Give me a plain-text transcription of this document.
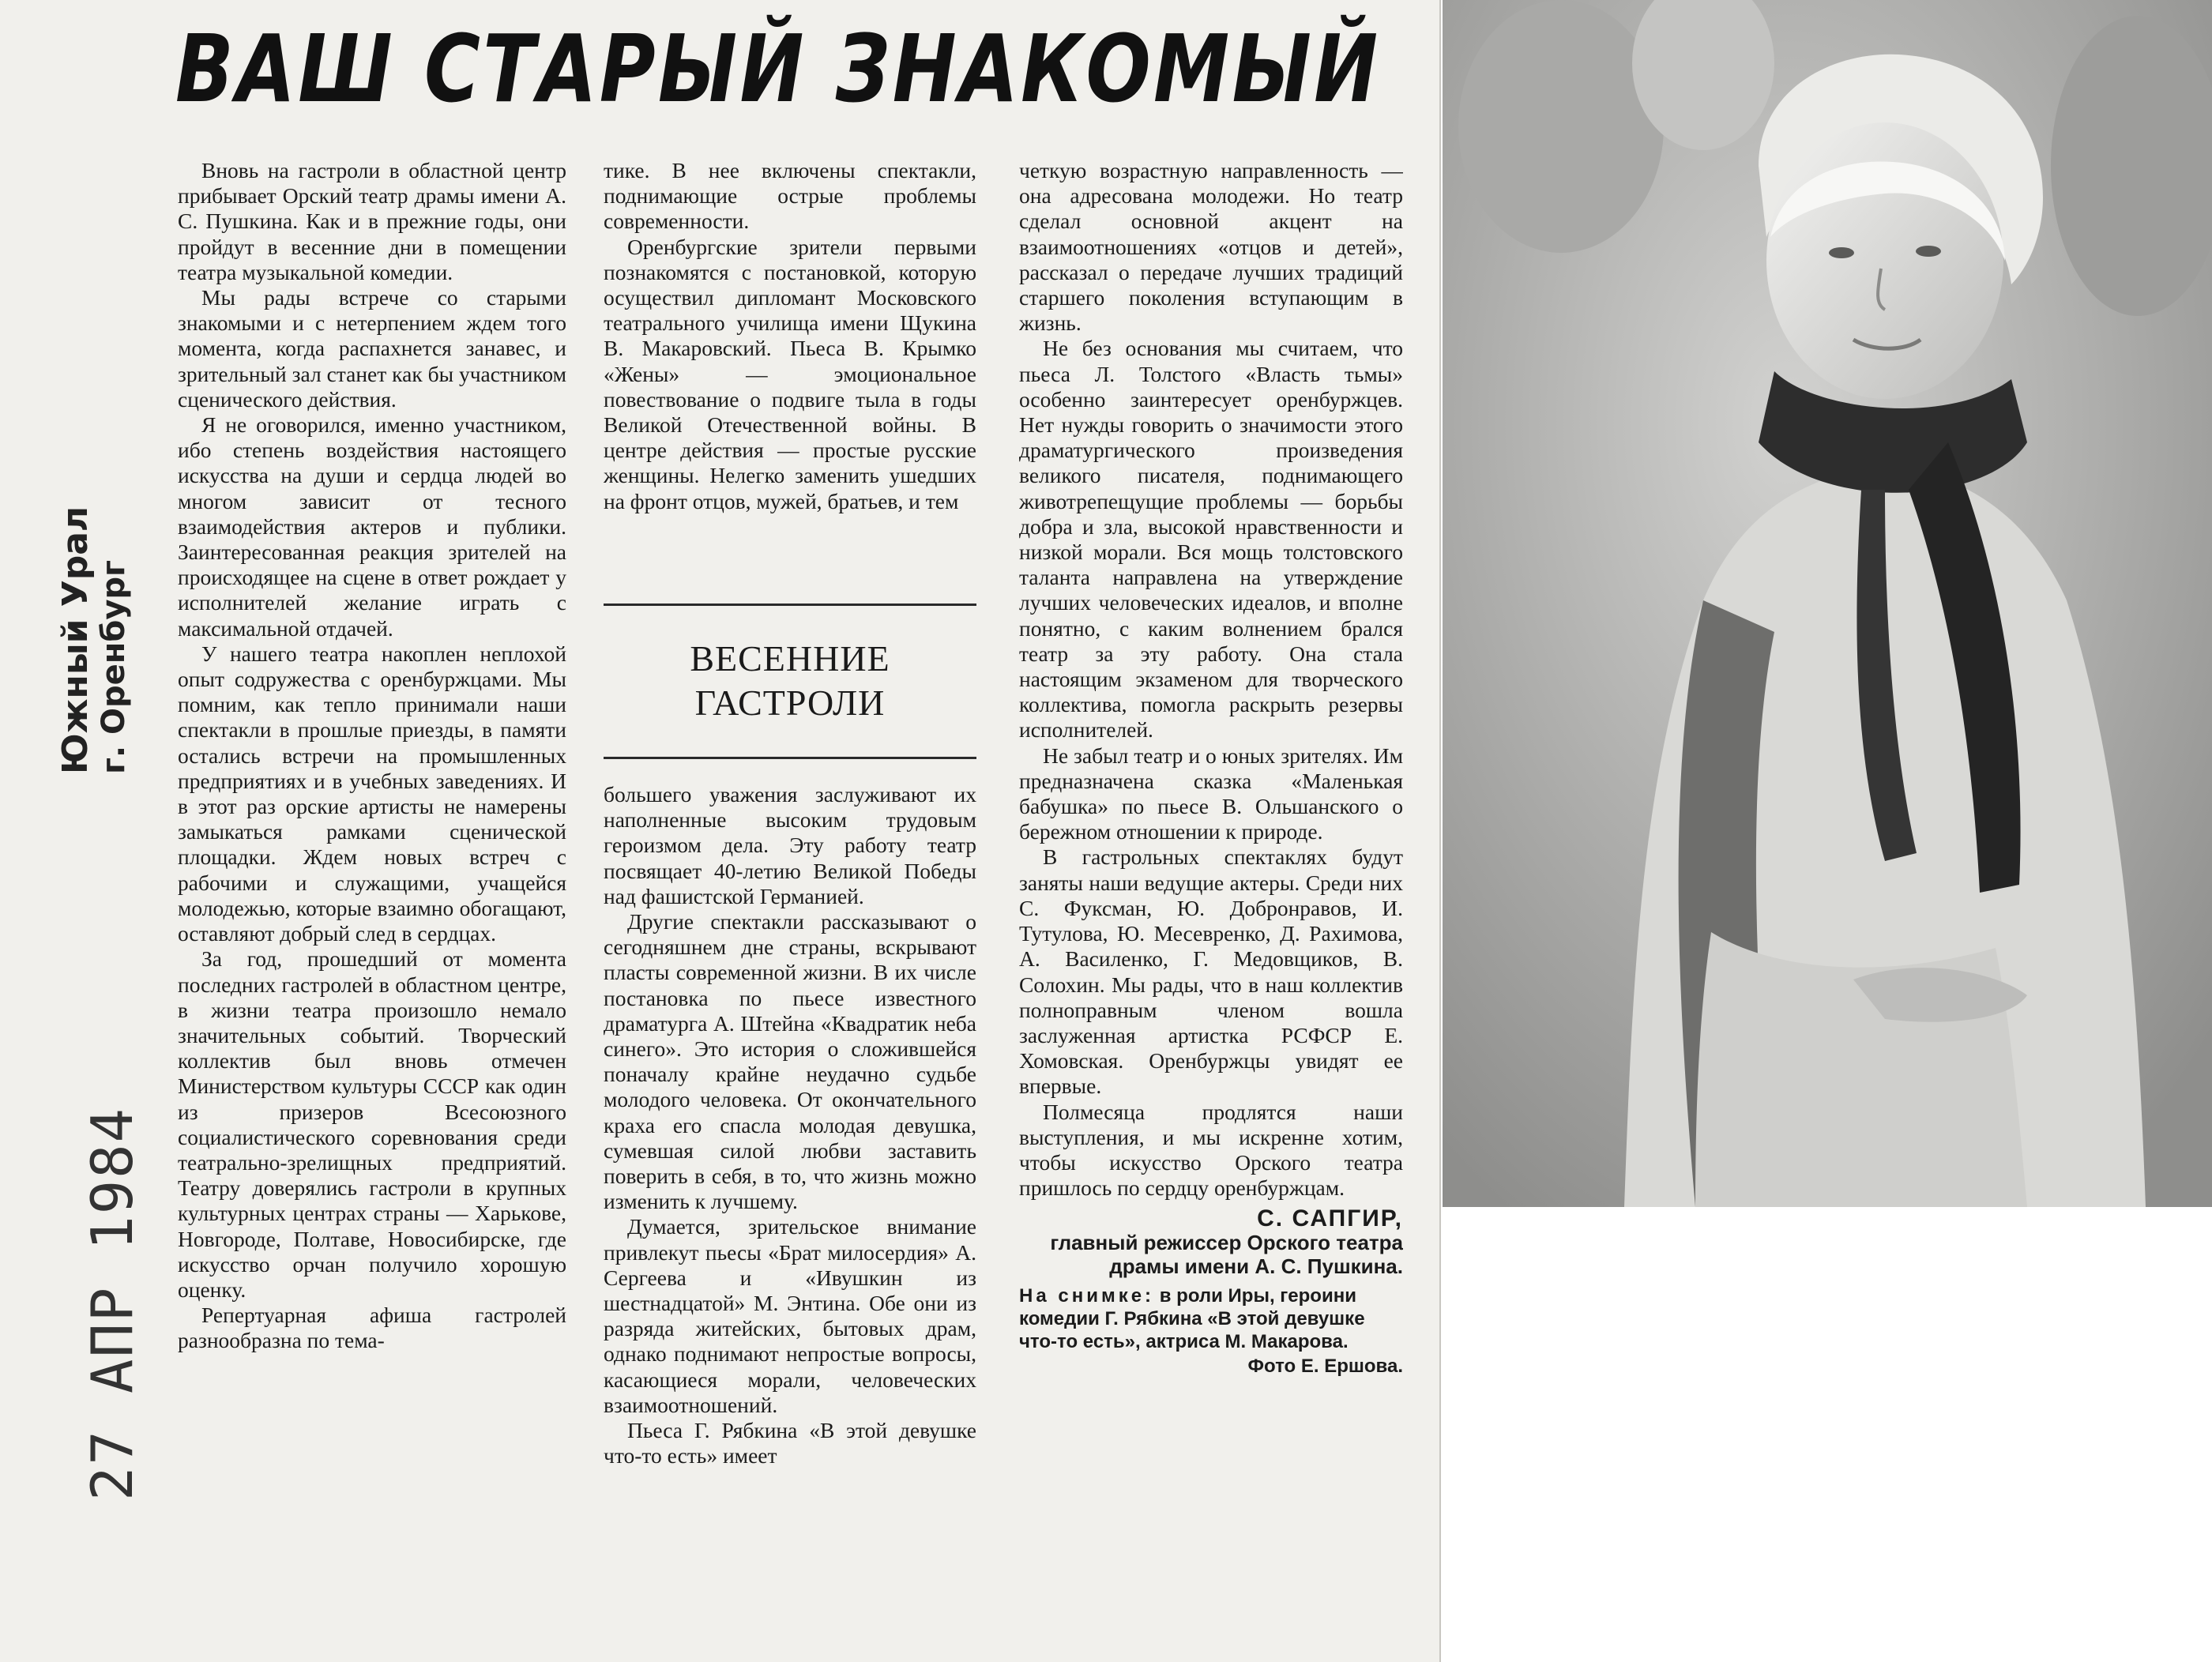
ВАШ СТАРЫЙ ЗНАКОМЫЙ
Южный Урал г. Оренбург
27 АПР 1984

Вновь на гастроли в областной центр прибывает Орский театр драмы имени А. С. Пушкина. Как и в прежние годы, они пройдут в весенние дни в помещении театра музыкальной комедии.

Мы рады встрече со старыми знакомыми и с нетерпением ждем того момента, когда распахнется занавес, и зрительный зал станет как бы участником сценического действия.

Я не оговорился, именно участником, ибо степень воздействия настоящего искусства на души и сердца людей во многом зависит от тесного взаимодействия актеров и публики. Заинтересованная реакция зрителей на происходящее на сцене в ответ рождает у исполнителей желание играть с максимальной отдачей.

У нашего театра накоплен неплохой опыт содружества с оренбуржцами. Мы помним, как тепло принимали наши спектакли в прошлые приезды, в памяти остались встречи на промышленных предприятиях и в учебных заведениях. И в этот раз орские артисты не намерены замыкаться рамками сценической площадки. Ждем новых встреч с рабочими и служащими, учащейся молодежью, которые взаимно обогащают, оставляют добрый след в сердцах.

За год, прошедший от момента последних гастролей в областном центре, в жизни театра произошло немало значительных событий. Творческий коллектив был вновь отмечен Министерством культуры СССР как один из призеров Всесоюзного социалистического соревнования среди театрально-зрелищных предприятий. Театру доверялись гастроли в крупных культурных центрах страны — Харькове, Новгороде, Полтаве, Новосибирске, где искусство орчан получило хорошую оценку.

Репертуарная афиша гастролей разнообразна по тема-

тике. В нее включены спектакли, поднимающие острые проблемы современности.

Оренбургские зрители первыми познакомятся с постановкой, которую осуществил дипломант Московского театрального училища имени Щукина В. Макаровский. Пьеса В. Крымко «Жены» — эмоциональное повествование о подвиге тыла в годы Великой Отечественной войны. В центре действия — простые русские женщины. Нелегко заменить ушедших на фронт отцов, мужей, братьев, и тем

ВЕСЕННИЕ
ГАСТРОЛИ

большего уважения заслуживают их наполненные высоким трудовым героизмом дела. Эту работу театр посвящает 40-летию Великой Победы над фашистской Германией.

Другие спектакли рассказывают о сегодняшнем дне страны, вскрывают пласты современной жизни. В их числе постановка по пьесе известного драматурга А. Штейна «Квадратик неба синего». Это история о сложившейся поначалу крайне неудачно судьбе молодого человека. От окончательного краха его спасла молодая девушка, сумевшая силой любви заставить поверить в себя, в то, что жизнь можно изменить к лучшему.

Думается, зрительское внимание привлекут пьесы «Брат милосердия» А. Сергеева и «Ивушкин из шестнадцатой» М. Энтина. Обе они из разряда житейских, бытовых драм, однако поднимают непростые вопросы, касающиеся морали, человеческих взаимоотношений.

Пьеса Г. Рябкина «В этой девушке что-то есть» имеет

четкую возрастную направленность — она адресована молодежи. Но театр сделал основной акцент на взаимоотношениях «отцов и детей», рассказал о передаче лучших традиций старшего поколения вступающим в жизнь.

Не без основания мы считаем, что пьеса Л. Толстого «Власть тьмы» особенно заинтересует оренбуржцев. Нет нужды говорить о значимости этого драматургического произведения великого писателя, поднимающего животрепещущие проблемы — борьбы добра и зла, высокой нравственности и низкой морали. Вся мощь толстовского таланта направлена на утверждение лучших человеческих идеалов, и вполне понятно, с каким волнением брался театр за эту работу. Она стала настоящим экзаменом для творческого коллектива, помогла раскрыть резервы исполнителей.

Не забыл театр и о юных зрителях. Им предназначена сказка «Маленькая бабушка» по пьесе В. Ольшанского о бережном отношении к природе.

В гастрольных спектаклях будут заняты наши ведущие актеры. Среди них С. Фуксман, Ю. Добронравов, И. Тутулова, Ю. Месевренко, Д. Рахимова, А. Василенко, Г. Медовщиков, В. Солохин. Мы рады, что в наш коллектив полноправным членом вошла заслуженная артистка РСФСР Е. Хомовская. Оренбуржцы увидят ее впервые.

Полмесяца продлятся наши выступления, и мы искренне хотим, чтобы искусство Орского театра пришлось по сердцу оренбуржцам.

С. САПГИР,
главный режиссер Орского театра драмы имени А. С. Пушкина.
На снимке: в роли Иры, героини комедии Г. Рябкина «В этой девушке что-то есть», актриса М. Макарова.
Фото Е. Ершова.
